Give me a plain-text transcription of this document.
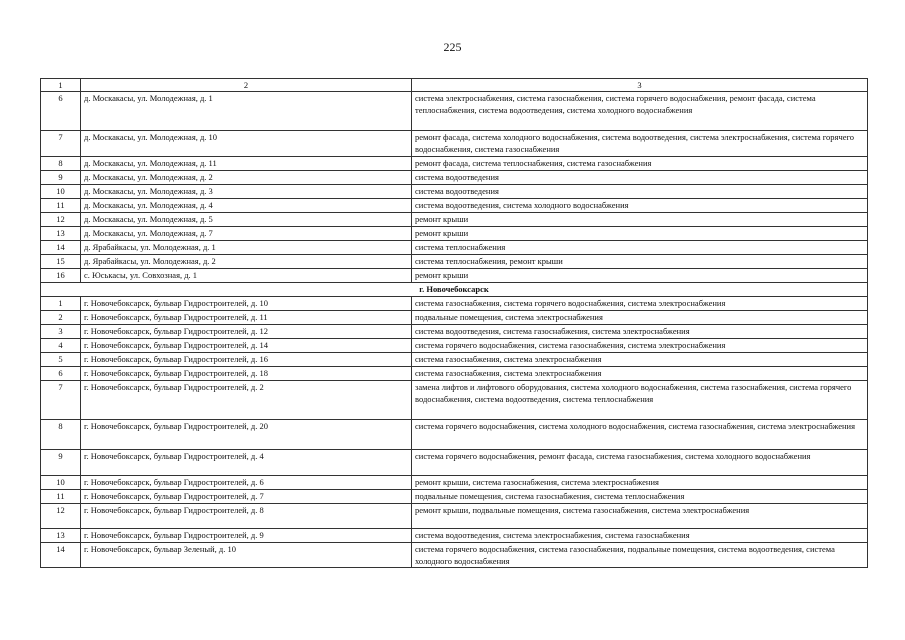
225
1	2	3
6	д. Москакасы, ул. Молодежная, д. 1	система электроснабжения, система газоснабжения, система горячего водоснабжения, ремонт фасада, система теплоснабжения, система водоотведения, система холодного водоснабжения
7	д. Москакасы, ул. Молодежная, д. 10	ремонт фасада, система холодного водоснабжения, система водоотведения, система электроснабжения, система горячего водоснабжения, система газоснабжения
8	д. Москакасы, ул. Молодежная, д. 11	ремонт фасада, система теплоснабжения, система газоснабжения
9	д. Москакасы, ул. Молодежная, д. 2	система водоотведения
10	д. Москакасы, ул. Молодежная, д. 3	система водоотведения
11	д. Москакасы, ул. Молодежная, д. 4	система водоотведения, система холодного водоснабжения
12	д. Москакасы, ул. Молодежная, д. 5	ремонт крыши
13	д. Москакасы, ул. Молодежная, д. 7	ремонт крыши
14	д. Ярабайкасы, ул. Молодежная, д. 1	система теплоснабжения
15	д. Ярабайкасы, ул. Молодежная, д. 2	система теплоснабжения, ремонт крыши
16	с. Юськасы, ул. Совхозная, д. 1	ремонт крыши
г. Новочебоксарск		
1	г. Новочебоксарск, бульвар Гидростроителей, д. 10	система газоснабжения, система горячего водоснабжения, система электроснабжения
2	г. Новочебоксарск, бульвар Гидростроителей, д. 11	подвальные помещения, система электроснабжения
3	г. Новочебоксарск, бульвар Гидростроителей, д. 12	система водоотведения, система газоснабжения, система электроснабжения
4	г. Новочебоксарск, бульвар Гидростроителей, д. 14	система горячего водоснабжения, система газоснабжения, система электроснабжения
5	г. Новочебоксарск, бульвар Гидростроителей, д. 16	система газоснабжения, система электроснабжения
6	г. Новочебоксарск, бульвар Гидростроителей, д. 18	система газоснабжения, система электроснабжения
7	г. Новочебоксарск, бульвар Гидростроителей, д. 2	замена лифтов и лифтового оборудования, система холодного водоснабжения, система газоснабжения, система горячего водоснабжения, система водоотведения, система теплоснабжения
8	г. Новочебоксарск, бульвар Гидростроителей, д. 20	система горячего водоснабжения, система холодного водоснабжения, система газоснабжения, система электроснабжения
9	г. Новочебоксарск, бульвар Гидростроителей, д. 4	система горячего водоснабжения, ремонт фасада, система газоснабжения, система холодного водоснабжения
10	г. Новочебоксарск, бульвар Гидростроителей, д. 6	ремонт крыши, система газоснабжения, система электроснабжения
11	г. Новочебоксарск, бульвар Гидростроителей, д. 7	подвальные помещения, система газоснабжения, система теплоснабжения
12	г. Новочебоксарск, бульвар Гидростроителей, д. 8	ремонт крыши, подвальные помещения, система газоснабжения, система электроснабжения
13	г. Новочебоксарск, бульвар Гидростроителей, д. 9	система водоотведения, система электроснабжения, система газоснабжения
14	г. Новочебоксарск, бульвар Зеленый, д. 10	система горячего водоснабжения, система газоснабжения, подвальные помещения, система водоотведения, система холодного водоснабжения
